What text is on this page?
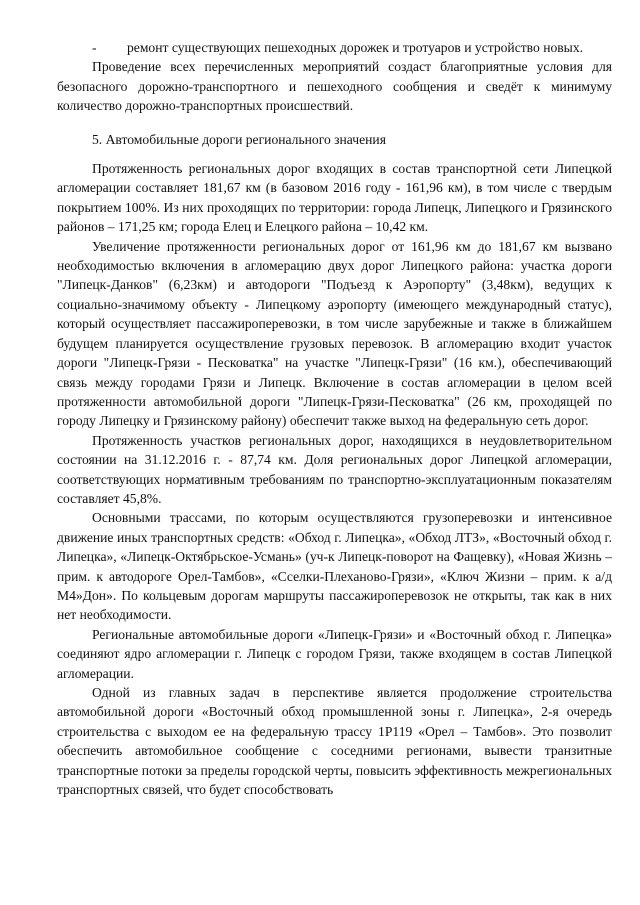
- ремонт существующих пешеходных дорожек и тротуаров и устройство новых.

Проведение всех перечисленных мероприятий создаст благоприятные условия для безопасного дорожно-транспортного и пешеходного сообщения и сведёт к минимуму количество дорожно-транспортных происшествий.

5. Автомобильные дороги регионального значения

Протяженность региональных дорог входящих в состав транспортной сети Липецкой агломерации составляет 181,67 км (в базовом 2016 году - 161,96 км), в том числе с твердым покрытием 100%. Из них проходящих по территории: города Липецк, Липецкого и Грязинского районов – 171,25 км; города Елец и Елецкого района – 10,42 км.

Увеличение протяженности региональных дорог от 161,96 км до 181,67 км вызвано необходимостью включения в агломерацию двух дорог Липецкого района: участка дороги "Липецк-Данков" (6,23км) и автодороги "Подъезд к Аэропорту" (3,48км), ведущих к социально-значимому объекту - Липецкому аэропорту (имеющего международный статус), который осуществляет пассажироперевозки, в том числе зарубежные и также в ближайшем будущем планируется осуществление грузовых перевозок. В агломерацию входит участок дороги "Липецк-Грязи - Песковатка" на участке "Липецк-Грязи" (16 км.), обеспечивающий связь между городами Грязи и Липецк. Включение в состав агломерации в целом всей протяженности автомобильной дороги "Липецк-Грязи-Песковатка" (26 км, проходящей по городу Липецку и Грязинскому району) обеспечит также выход на федеральную сеть дорог.

Протяженность участков региональных дорог, находящихся в неудовлетворительном состоянии на 31.12.2016 г. - 87,74 км. Доля региональных дорог Липецкой агломерации, соответствующих нормативным требованиям по транспортно-эксплуатационным показателям составляет 45,8%.

Основными трассами, по которым осуществляются грузоперевозки и интенсивное движение иных транспортных средств: «Обход г. Липецка», «Обход ЛТЗ», «Восточный обход г. Липецка», «Липецк-Октябрьское-Усмань» (уч-к Липецк-поворот на Фащевку), «Новая Жизнь – прим. к автодороге Орел-Тамбов», «Сселки-Плеханово-Грязи», «Ключ Жизни – прим. к а/д М4»Дон». По кольцевым дорогам маршруты пассажироперевозок не открыты, так как в них нет необходимости.

Региональные автомобильные дороги «Липецк-Грязи» и «Восточный обход г. Липецка» соединяют ядро агломерации г. Липецк с городом Грязи, также входящем в состав Липецкой агломерации.

Одной из главных задач в перспективе является продолжение строительства автомобильной дороги «Восточный обход промышленной зоны г. Липецка», 2-я очередь строительства с выходом ее на федеральную трассу 1Р119 «Орел – Тамбов». Это позволит обеспечить автомобильное сообщение с соседними регионами, вывести транзитные транспортные потоки за пределы городской черты, повысить эффективность межрегиональных транспортных связей, что будет способствовать
